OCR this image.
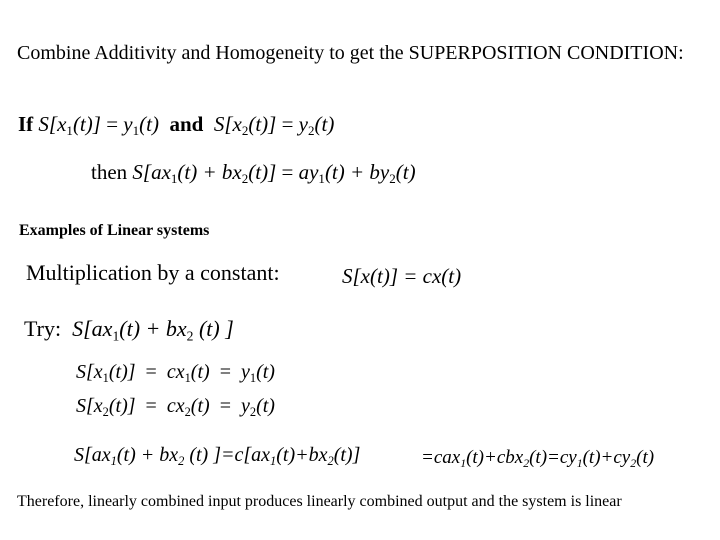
Combine Additivity and Homogeneity to get the SUPERPOSITION CONDITION:
If S[x1(t)] = y1(t) and S[x2(t)] = y2(t)
then S[ax1(t) + bx2(t)] = ay1(t) + by2(t)
Examples of Linear systems
Multiplication by a constant:	S[x(t)] = cx(t)
Try: S[ax1(t) + bx2 (t) ]
S[x1(t)] = cx1(t) = y1(t)
S[x2(t)] = cx2(t) = y2(t)
S[ax1(t) + bx2 (t) ]=c[ax1(t)+bx2(t)]	=cax1(t)+cbx2(t)=cy1(t)+cy2(t)
Therefore, linearly combined input produces linearly combined output and the system is linear
